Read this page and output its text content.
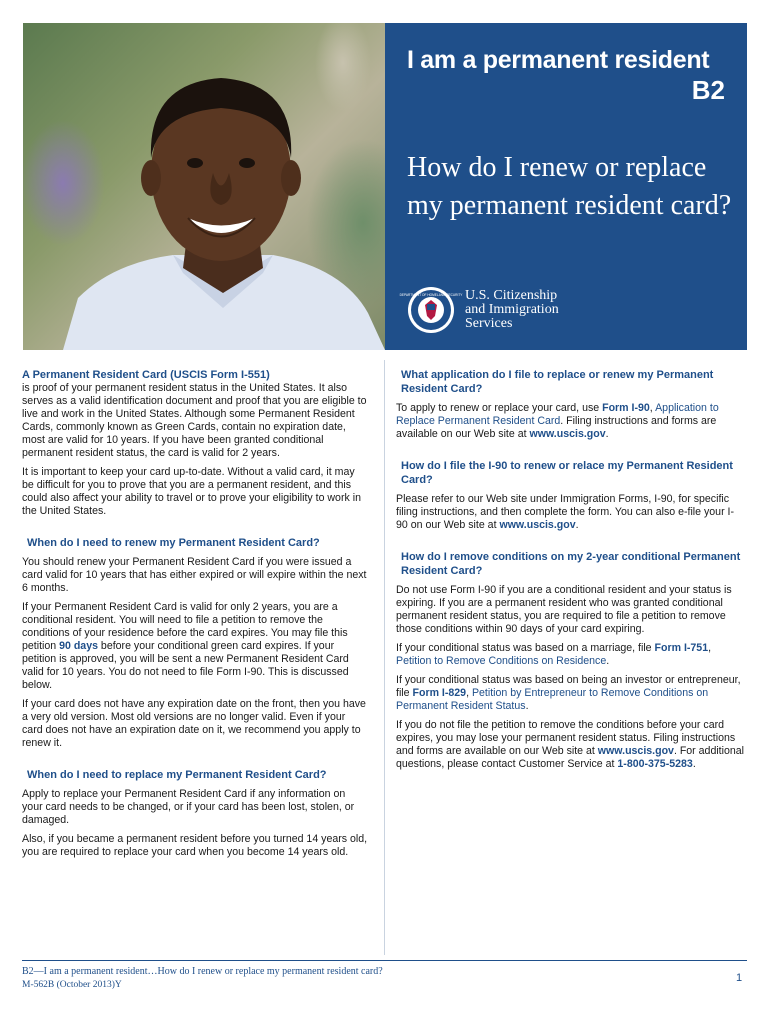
I am a permanent resident
B2
How do I renew or replace my permanent resident card?
DEPARTMENT OF HOMELAND SECURITY U.S. Citizenship
and Immigration
Services
A Permanent Resident Card (USCIS Form I-551)

is proof of your permanent resident status in the United States. It also serves as a valid identification document and proof that you are eligible to live and work in the United States. Although some Permanent Resident Cards, commonly known as Green Cards, contain no expiration date, most are valid for 10 years. If you have been granted conditional permanent resident status, the card is valid for 2 years.

It is important to keep your card up-to-date. Without a valid card, it may be difficult for you to prove that you are a permanent resident, and this could also affect your ability to travel or to prove your eligibility to work in the United States.

When do I need to renew my Permanent Resident Card?

You should renew your Permanent Resident Card if you were issued a card valid for 10 years that has either expired or will expire within the next 6 months.

If your Permanent Resident Card is valid for only 2 years, you are a conditional resident. You will need to file a petition to remove the conditions of your residence before the card expires. You may file this petition 90 days before your conditional green card expires. If your petition is approved, you will be sent a new Permanent Resident Card valid for 10 years. You do not need to file Form I-90. This is discussed below.

If your card does not have any expiration date on the front, then you have a very old version. Most old versions are no longer valid. Even if your card does not have an expiration date on it, we recommend you apply to renew it.

When do I need to replace my Permanent Resident Card?

Apply to replace your Permanent Resident Card if any information on your card needs to be changed, or if your card has been lost, stolen, or damaged.

Also, if you became a permanent resident before you turned 14 years old, you are required to replace your card when you become 14 years old.

What application do I file to replace or renew my Permanent Resident Card?

To apply to renew or replace your card, use Form I-90, Application to Replace Permanent Resident Card. Filing instructions and forms are available on our Web site at www.uscis.gov.

How do I file the I-90 to renew or relace my Permanent Resident Card?

Please refer to our Web site under Immigration Forms, I-90, for specific filing instructions, and then complete the form. You can also e-file your I-90 on our Web site at www.uscis.gov.

How do I remove conditions on my 2-year conditional Permanent Resident Card?

Do not use Form I-90 if you are a conditional resident and your status is expiring. If you are a permanent resident who was granted conditional permanent resident status, you are required to file a petition to remove those conditions within 90 days of your card expiring.

If your conditional status was based on a marriage, file Form I-751, Petition to Remove Conditions on Residence.

If your conditional status was based on being an investor or entrepreneur, file Form I-829, Petition by Entrepreneur to Remove Conditions on Permanent Resident Status.

If you do not file the petition to remove the conditions before your card expires, you may lose your permanent resident status. Filing instructions and forms are available on our Web site at www.uscis.gov. For additional questions, please contact Customer Service at 1-800-375-5283.

B2—I am a permanent resident…How do I renew or replace my permanent resident card?
M-562B (October 2013)Y
1
